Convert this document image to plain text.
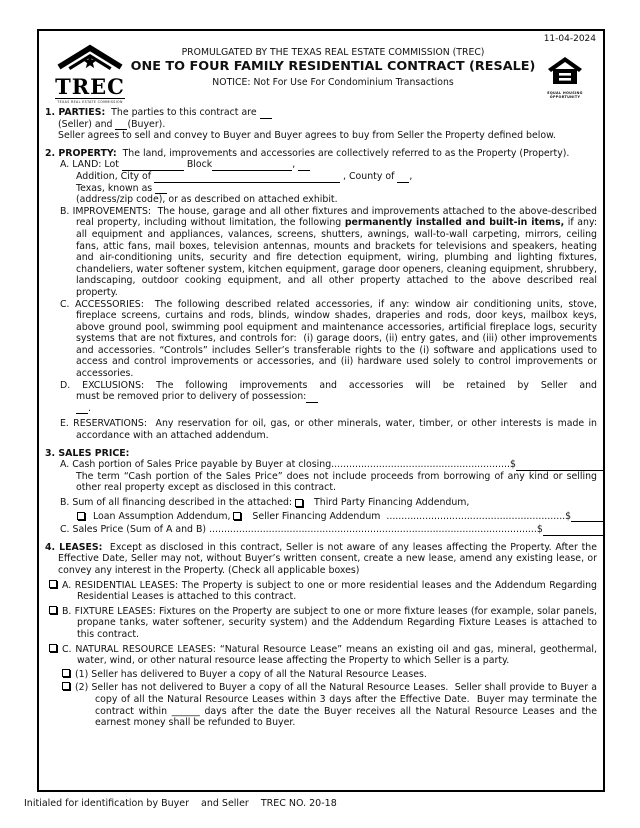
11-04-2024
TREC
TEXAS REAL ESTATE COMMISSION
PROMULGATED BY THE TEXAS REAL ESTATE COMMISSION (TREC)
ONE TO FOUR FAMILY RESIDENTIAL CONTRACT (RESALE)
NOTICE: Not For Use For Condominium Transactions
EQUAL HOUSING
OPPORTUNITY
1. PARTIES: The parties to this contract are
(Seller) and (Buyer).
Seller agrees to sell and convey to Buyer and Buyer agrees to buy from Seller the Property defined below.
2. PROPERTY:  The land, improvements and accessories are collectively referred to as the Property (Property).
A. LAND: Lot	Block	,
Addition, City of	, County of ,
Texas, known as
(address/zip code), or as described on attached exhibit.
B. IMPROVEMENTS:  The house, garage and all other fixtures and improvements attached to the above-described real property, including without limitation, the following permanently installed and built-in items, if any: all equipment and appliances, valances, screens, shutters, awnings, wall-to-wall carpeting, mirrors, ceiling fans, attic fans, mail boxes, television antennas, mounts and brackets for televisions and speakers, heating and air-conditioning units, security and fire detection equipment, wiring, plumbing and lighting fixtures, chandeliers, water softener system, kitchen equipment, garage door openers, cleaning equipment, shrubbery, landscaping, outdoor cooking equipment, and all other property attached to the above described real property.
C. ACCESSORIES:  The following described related accessories, if any: window air conditioning units, stove, fireplace screens, curtains and rods, blinds, window shades, draperies and rods, door keys, mailbox keys, above ground pool, swimming pool equipment and maintenance accessories, artificial fireplace logs, security systems that are not fixtures, and controls for:  (i) garage doors, (ii) entry gates, and (iii) other improvements and accessories. “Controls” includes Seller’s transferable rights to the (i) software and applications used to access and control improvements or accessories, and (ii) hardware used solely to control improvements or accessories.
D. EXCLUSIONS: The following improvements and accessories will be retained by Seller and
must be removed prior to delivery of possession:
.
E. RESERVATIONS:  Any reservation for oil, gas, or other minerals, water, timber, or other interests is made in accordance with an attached addendum.
3. SALES PRICE:
A. Cash portion of Sales Price payable by Buyer at closing ............................................................ $
The term “Cash portion of the Sales Price” does not include proceeds from borrowing of any kind or selling other real property except as disclosed in this contract.
B. Sum of all financing described in the attached: Third Party Financing Addendum,
Loan Assumption Addendum, Seller Financing Addendum ............................................................ $
C. Sales Price (Sum of A and B) .............................................................................................................. $
4. LEASES:  Except as disclosed in this contract, Seller is not aware of any leases affecting the Property. After the Effective Date, Seller may not, without Buyer’s written consent, create a new lease, amend any existing lease, or convey any interest in the Property. (Check all applicable boxes)
A. RESIDENTIAL LEASES: The Property is subject to one or more residential leases and the Addendum Regarding Residential Leases is attached to this contract.
B. FIXTURE LEASES: Fixtures on the Property are subject to one or more fixture leases (for example, solar panels, propane tanks, water softener, security system) and the Addendum Regarding Fixture Leases is attached to this contract.
C. NATURAL RESOURCE LEASES: “Natural Resource Lease” means an existing oil and gas, mineral, geothermal, water, wind, or other natural resource lease affecting the Property to which Seller is a party.
(1) Seller has delivered to Buyer a copy of all the Natural Resource Leases.
(2) Seller has not delivered to Buyer a copy of all the Natural Resource Leases.  Seller shall provide to Buyer a copy of all the Natural Resource Leases within 3 days after the Effective Date.  Buyer may terminate the contract within ______ days after the date the Buyer receives all the Natural Resource Leases and the earnest money shall be refunded to Buyer.
Initialed for identification by Buyer and Seller TREC NO. 20-18
